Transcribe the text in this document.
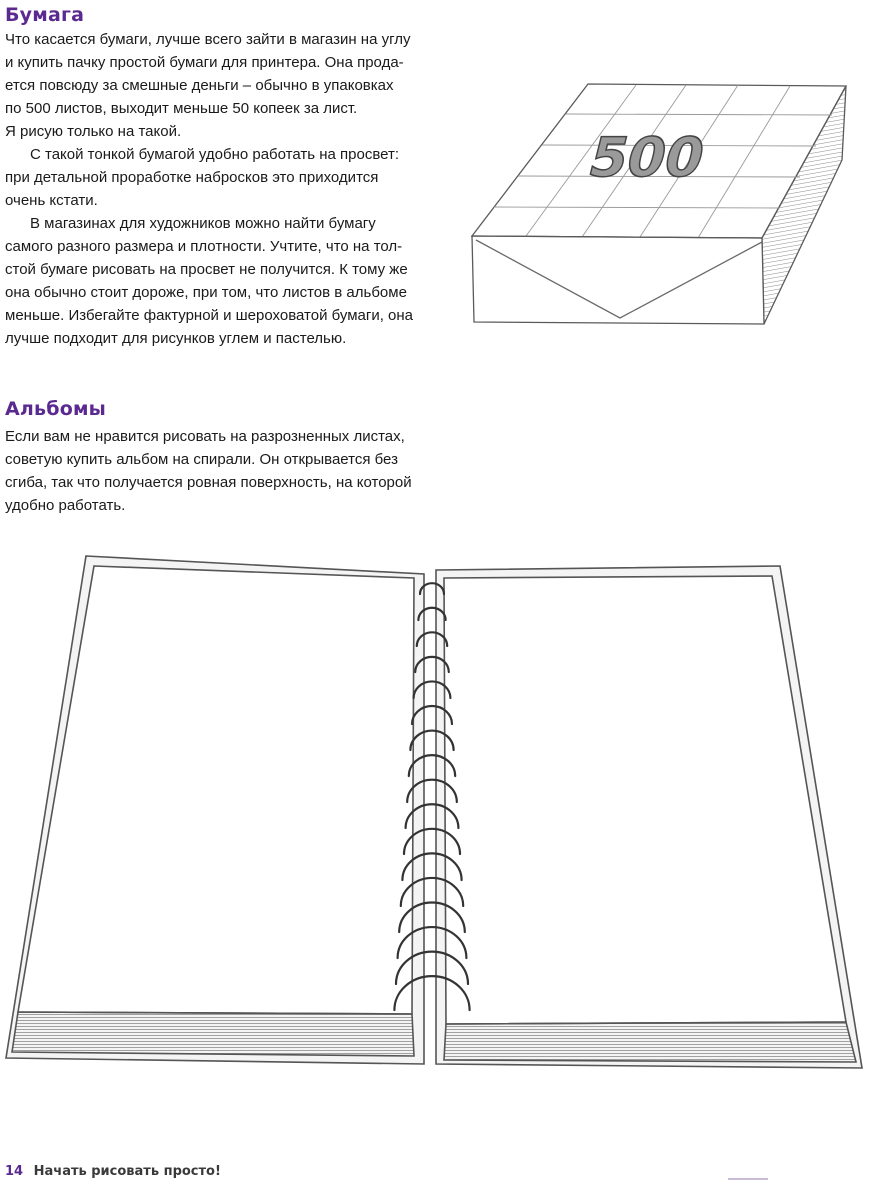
Бумага

Что касается бумаги, лучше всего зайти в магазин на углу
и купить пачку простой бумаги для принтера. Она прода-
ется повсюду за смешные деньги – обычно в упаковках
по 500 листов, выходит меньше 50 копеек за лист.
Я рисую только на такой.

С такой тонкой бумагой удобно работать на просвет:
при детальной проработке набросков это приходится
очень кстати.

В магазинах для художников можно найти бумагу
самого разного размера и плотности. Учтите, что на тол-
стой бумаге рисовать на просвет не получится. К тому же
она обычно стоит дороже, при том, что листов в альбоме
меньше. Избегайте фактурной и шероховатой бумаги, она
лучше подходит для рисунков углем и пастелью.

500
Альбомы

Если вам не нравится рисовать на разрозненных листах,
советую купить альбом на спирали. Он открывается без
сгиба, так что получается ровная поверхность, на которой
удобно работать.

14 Начать рисовать просто!
